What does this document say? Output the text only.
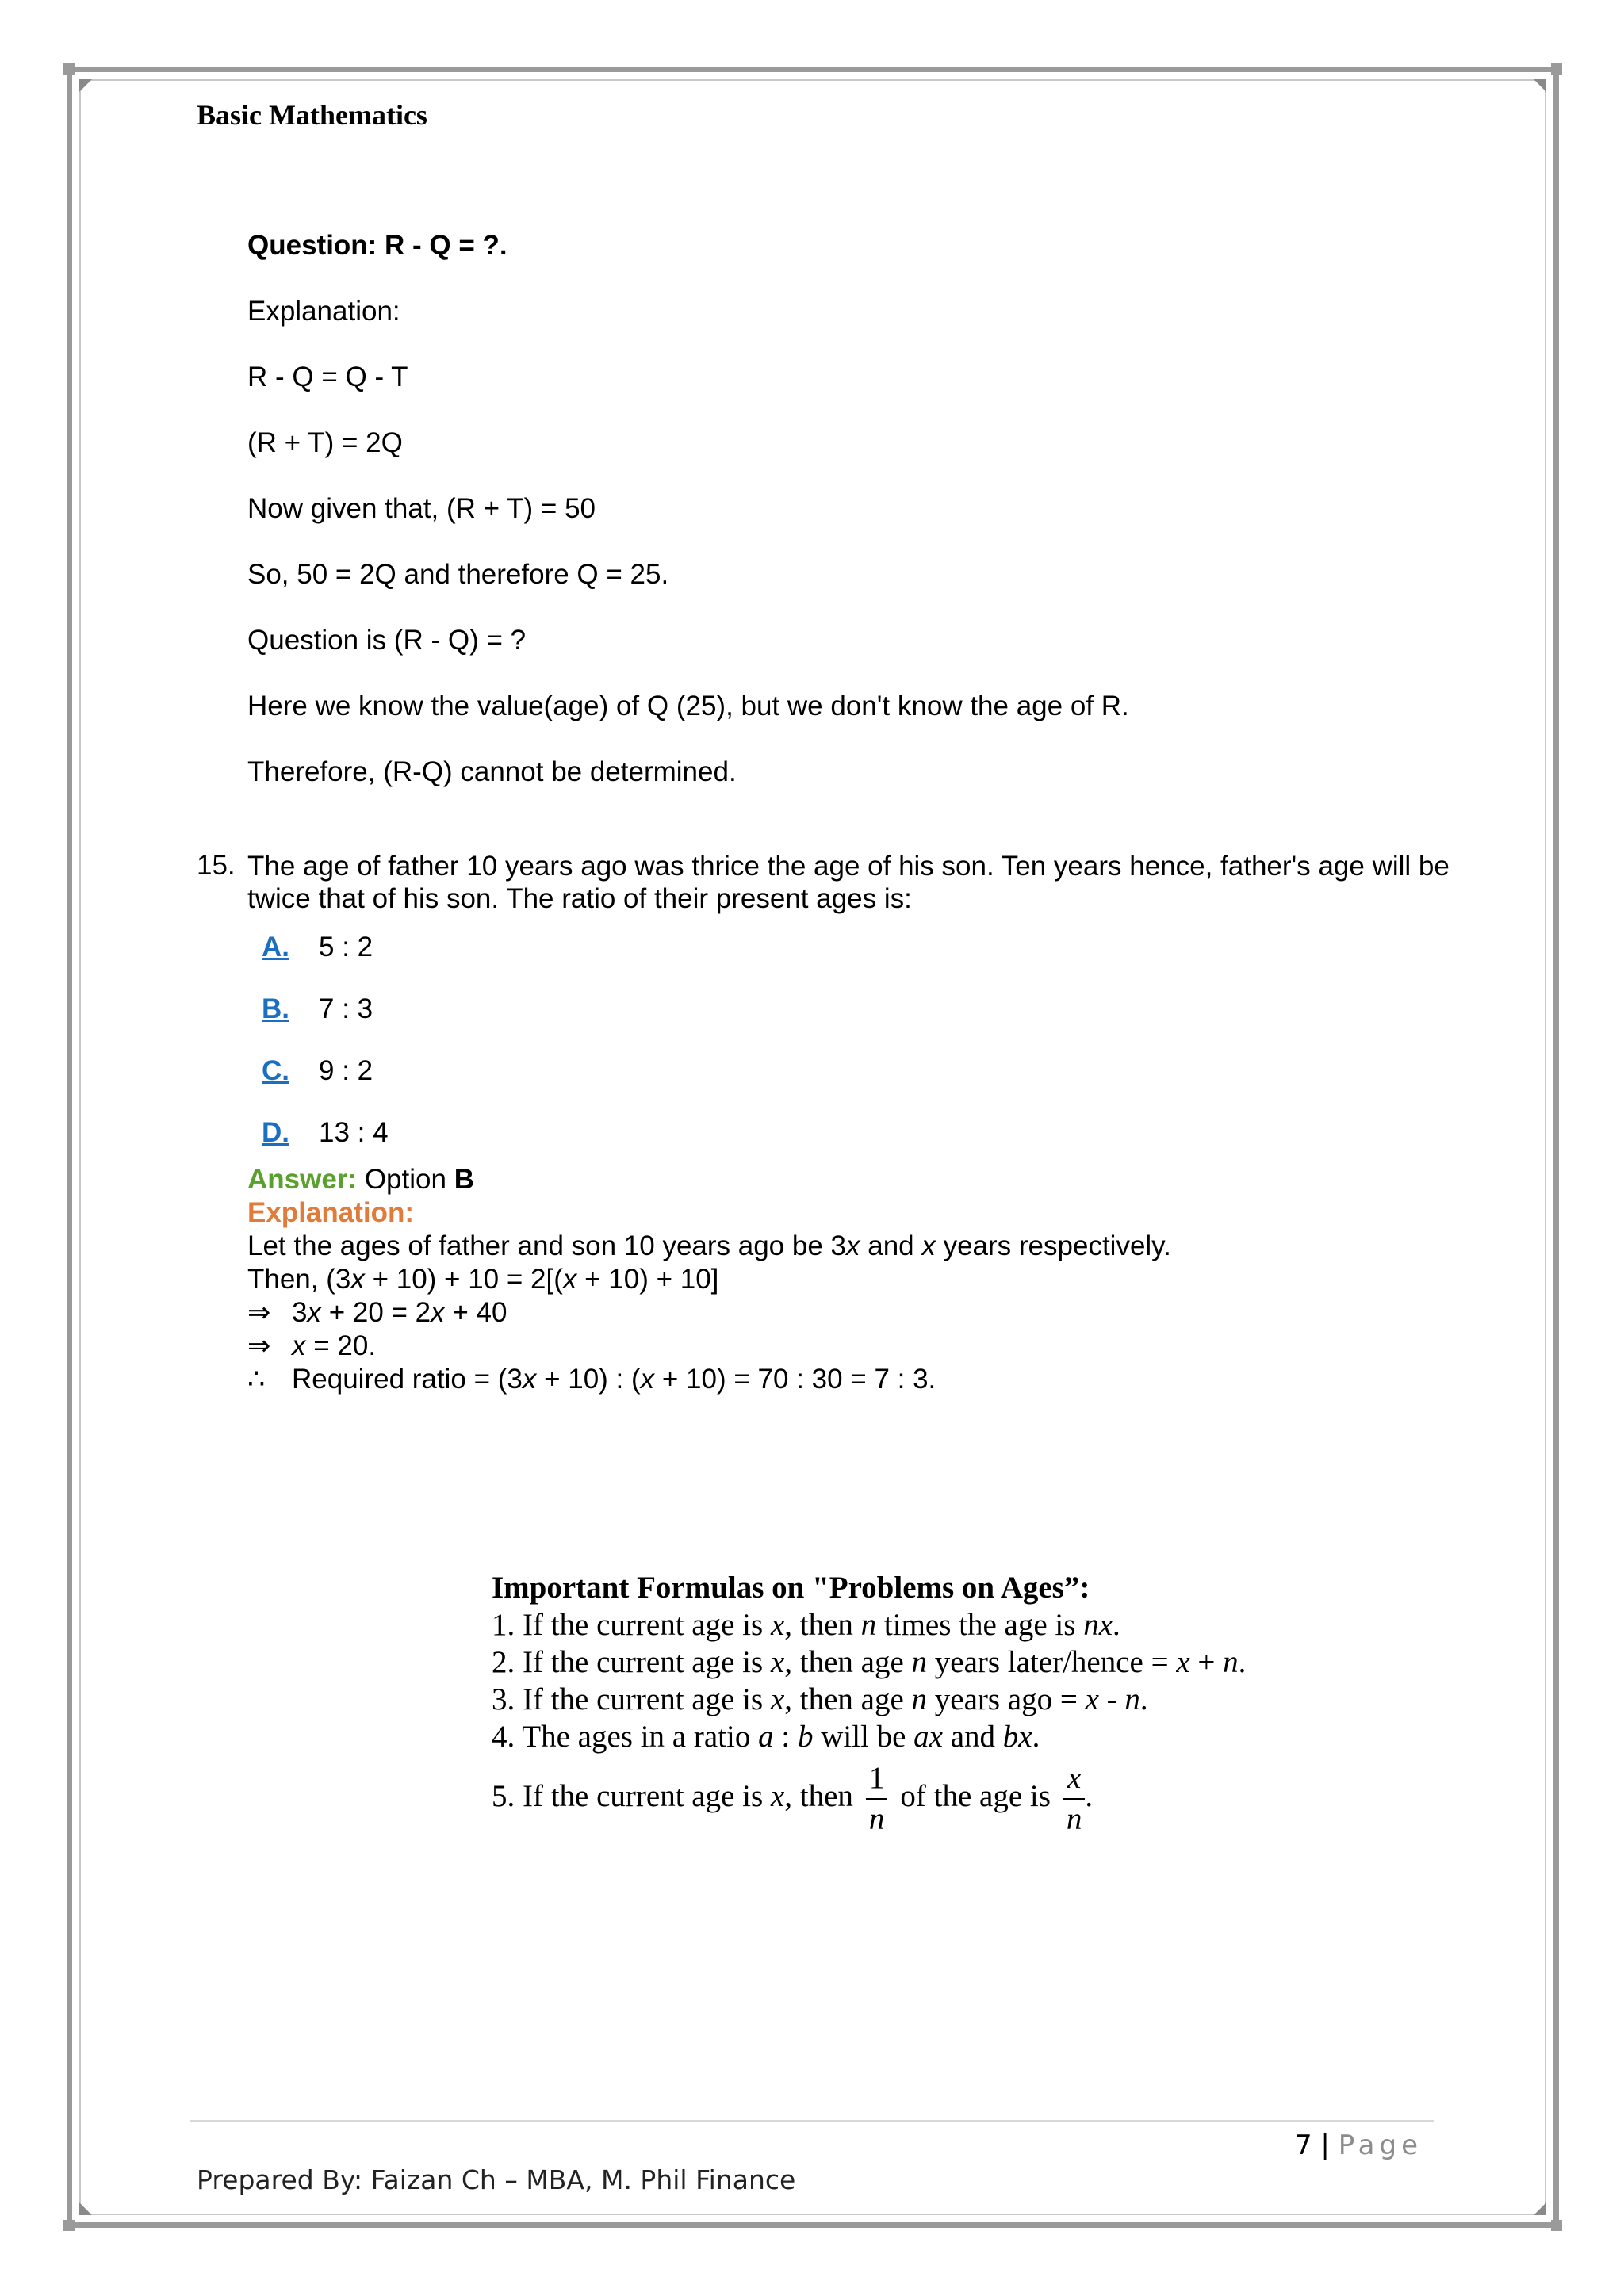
Basic Mathematics
Question: R - Q = ?.
Explanation:
R - Q = Q - T
(R + T) = 2Q
Now given that, (R + T) = 50
So, 50 = 2Q and therefore Q = 25.
Question is (R - Q) = ?
Here we know the value(age) of Q (25), but we don't know the age of R.
Therefore, (R-Q) cannot be determined.
15. The age of father 10 years ago was thrice the age of his son. Ten years hence, father's age will be twice that of his son. The ratio of their present ages is:
A. 5 : 2
B. 7 : 3
C. 9 : 2
D. 13 : 4
Answer: Option B
Explanation:
Let the ages of father and son 10 years ago be 3x and x years respectively.
Then, (3x + 10) + 10 = 2[(x + 10) + 10]
⇒ 3x + 20 = 2x + 40
⇒ x = 20.
∴ Required ratio = (3x + 10) : (x + 10) = 70 : 30 = 7 : 3.
Important Formulas on "Problems on Ages”:
1. If the current age is x, then n times the age is nx.
2. If the current age is x, then age n years later/hence = x + n.
3. If the current age is x, then age n years ago = x - n.
4. The ages in a ratio a : b will be ax and bx.
5. If the current age is x, then $\frac{1}{n}$ of the age is $\frac{x}{n}$ .
7 | Page
Prepared By: Faizan Ch – MBA, M. Phil Finance
